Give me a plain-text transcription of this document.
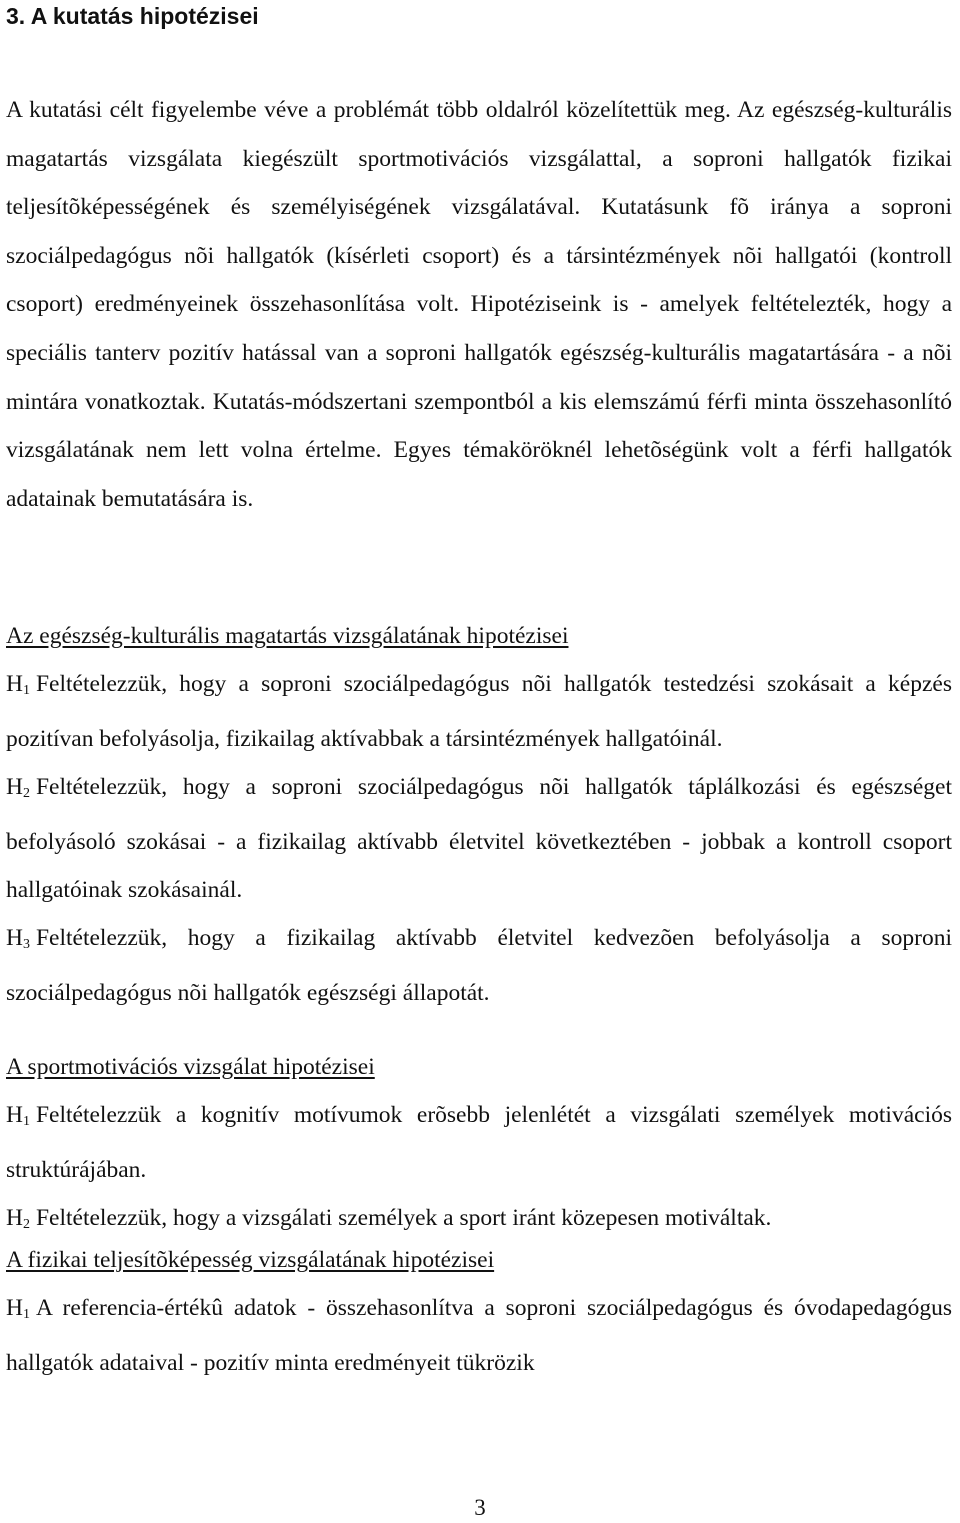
3. A kutatás hipotézisei

A kutatási célt figyelembe véve a problémát több oldalról közelítettük meg. Az egészség-kulturális magatartás vizsgálata kiegészült sportmotivációs vizsgálattal, a soproni hallgatók fizikai teljesítõképességének és személyiségének vizsgálatával. Kutatásunk fõ iránya a soproni szociálpedagógus nõi hallgatók (kísérleti csoport) és a társintézmények nõi hallgatói (kontroll csoport) eredményeinek összehasonlítása volt. Hipotéziseink is - amelyek feltételezték, hogy a speciális tanterv pozitív hatással van a soproni hallgatók egészség-kulturális magatartására - a nõi mintára vonatkoztak. Kutatás-módszertani szempontból a kis elemszámú férfi minta összehasonlító vizsgálatának nem lett volna értelme. Egyes témaköröknél lehetõségünk volt a férfi hallgatók adatainak bemutatására is.

Az egészség-kulturális magatartás vizsgálatának hipotézisei

$H_1$ Feltételezzük, hogy a soproni szociálpedagógus nõi hallgatók testedzési szokásait a képzés pozitívan befolyásolja, fizikailag aktívabbak a társintézmények hallgatóinál.

$H_2$ Feltételezzük, hogy a soproni szociálpedagógus nõi hallgatók táplálkozási és egészséget befolyásoló szokásai - a fizikailag aktívabb életvitel következtében - jobbak a kontroll csoport hallgatóinak szokásainál.

$H_3$ Feltételezzük, hogy a fizikailag aktívabb életvitel kedvezõen befolyásolja a soproni szociálpedagógus nõi hallgatók egészségi állapotát.

A sportmotivációs vizsgálat hipotézisei

$H_1$ Feltételezzük a kognitív motívumok erõsebb jelenlétét a vizsgálati személyek motivációs struktúrájában.

$H_2$ Feltételezzük, hogy a vizsgálati személyek a sport iránt közepesen motiváltak.

A fizikai teljesítõképesség vizsgálatának hipotézisei

$H_1$ A referencia-értékû adatok - összehasonlítva a soproni szociálpedagógus és óvodapedagógus hallgatók adataival - pozitív minta eredményeit tükrözik

3
